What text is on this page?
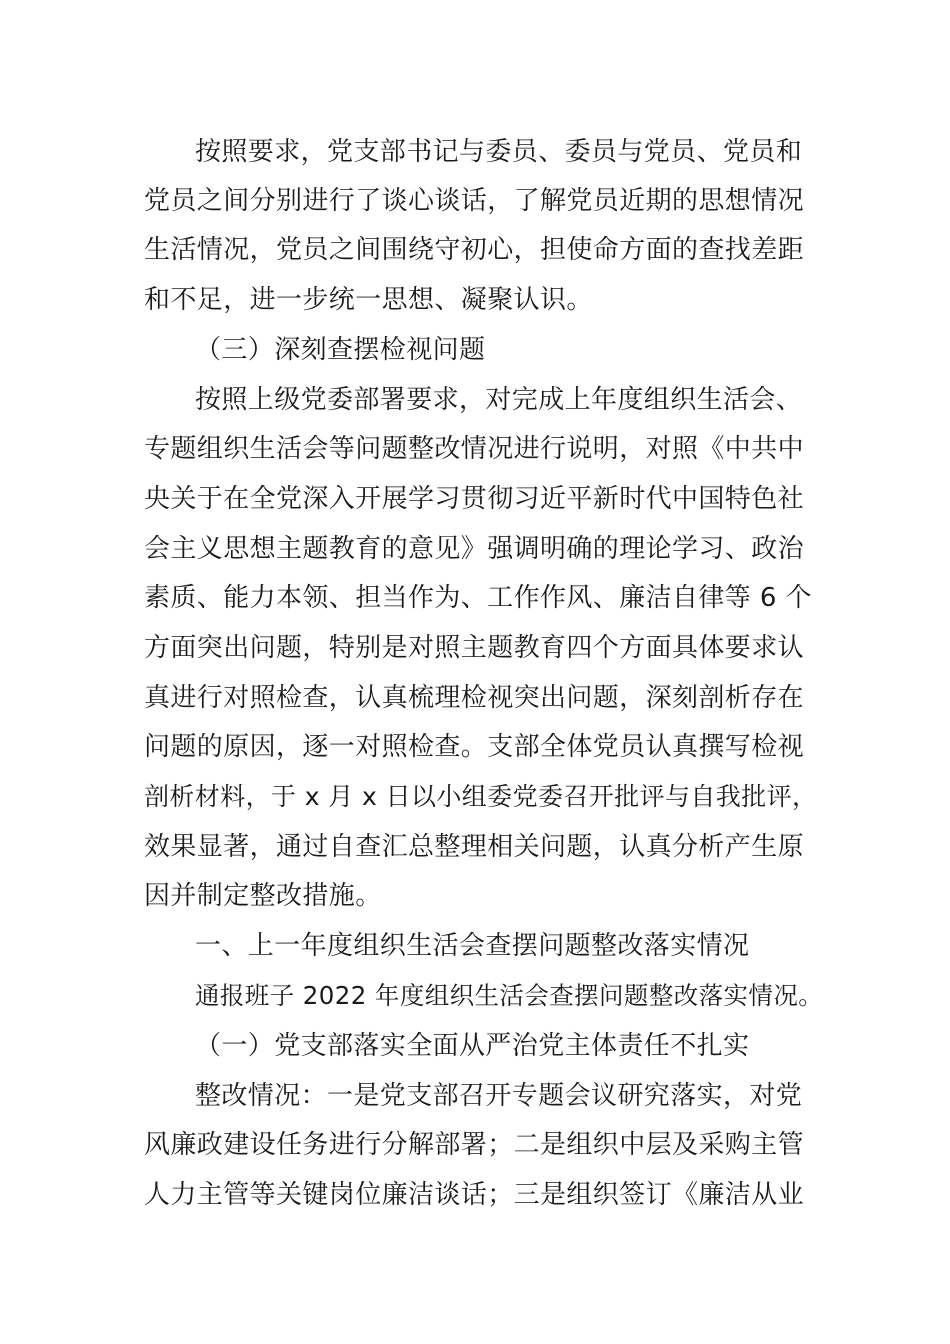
按照要求，党支部书记与委员、委员与党员、党员和
党员之间分别进行了谈心谈话，了解党员近期的思想情况
生活情况，党员之间围绕守初心，担使命方面的查找差距
和不足，进一步统一思想、凝聚认识。
（三）深刻查摆检视问题
按照上级党委部署要求，对完成上年度组织生活会、
专题组织生活会等问题整改情况进行说明，对照《中共中
央关于在全党深入开展学习贯彻习近平新时代中国特色社
会主义思想主题教育的意见》强调明确的理论学习、政治
素质、能力本领、担当作为、工作作风、廉洁自律等 6 个
方面突出问题，特别是对照主题教育四个方面具体要求认
真进行对照检查，认真梳理检视突出问题，深刻剖析存在
问题的原因，逐一对照检查。支部全体党员认真撰写检视
剖析材料，于 x 月 x 日以小组委党委召开批评与自我批评，
效果显著，通过自查汇总整理相关问题，认真分析产生原
因并制定整改措施。
一、上一年度组织生活会查摆问题整改落实情况
通报班子 2022 年度组织生活会查摆问题整改落实情况。
（一）党支部落实全面从严治党主体责任不扎实
整改情况：一是党支部召开专题会议研究落实，对党
风廉政建设任务进行分解部署；二是组织中层及采购主管
人力主管等关键岗位廉洁谈话；三是组织签订《廉洁从业
